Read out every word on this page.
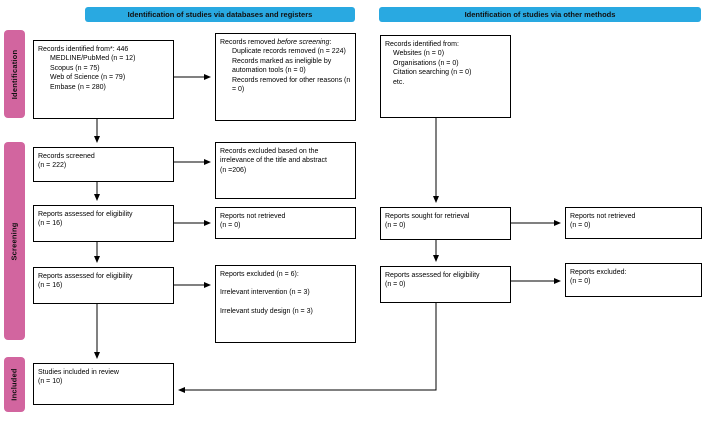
Identification of studies via databases and registers	Identification of studies via other methods
Identification
Screening
Included
Records identified from*: 446
MEDLINE/PubMed (n = 12)
Scopus (n = 75)
Web of Science (n = 79)
Embase (n = 280)
Records screened
(n = 222)
Reports assessed for eligibility
(n = 16)
Reports assessed for eligibility
(n = 16)
Studies included in review
(n = 10)
Records removed before screening:
Duplicate records removed (n = 224)
Records marked as ineligible by automation tools (n = 0)
Records removed for other reasons (n = 0)
Records excluded based on the irrelevance of the title and abstract
(n =206)
Reports not retrieved
(n = 0)
Reports excluded (n = 6):
Irrelevant intervention (n = 3)
Irrelevant study design (n = 3)
Records identified from:
Websites (n = 0)
Organisations (n = 0)
Citation searching (n = 0)
etc.
Reports sought for retrieval
(n = 0)
Reports assessed for eligibility
(n = 0)
Reports not retrieved
(n = 0)
Reports excluded:
(n = 0)
